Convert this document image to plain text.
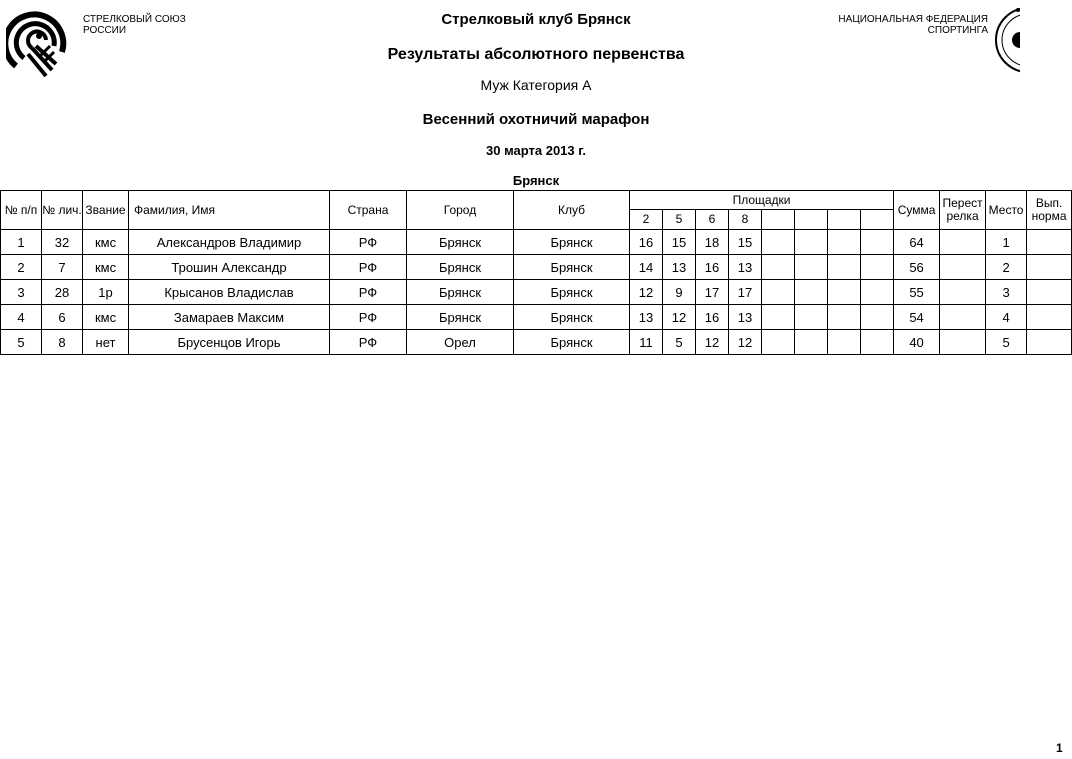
СТРЕЛКОВЫЙ СОЮЗ
РОССИИ
НАЦИОНАЛЬНАЯ ФЕДЕРАЦИЯ
СПОРТИНГА
Стрелковый клуб Брянск
Результаты абсолютного первенства
Муж Категория А
Весенний охотничий марафон
30 марта 2013 г.
Брянск
№ п/п	№ лич.	Звание	Фамилия, Имя	Страна	Город	Клуб	Площадки								Сумма	Перестрелка	Место	Вып. норма
							2	5	6	8								
1	32	кмс	Александров Владимир	РФ	Брянск	Брянск	16	15	18	15					64		1	
2	7	кмс	Трошин Александр	РФ	Брянск	Брянск	14	13	16	13					56		2	
3	28	1р	Крысанов Владислав	РФ	Брянск	Брянск	12	9	17	17					55		3	
4	6	кмс	Замараев Максим	РФ	Брянск	Брянск	13	12	16	13					54		4	
5	8	нет	Брусенцов Игорь	РФ	Орел	Брянск	11	5	12	12					40		5	
1
